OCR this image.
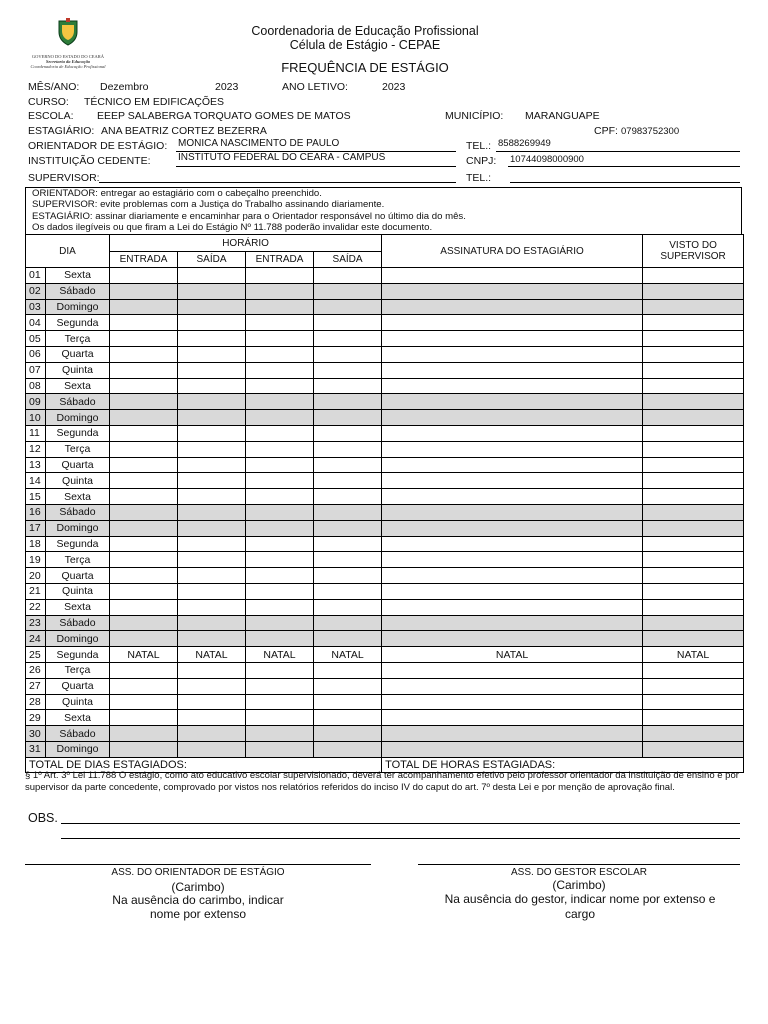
GOVERNO DO ESTADO DO CEARÁ
Secretaria da Educação
Coordenadoria de Educação Profissional
Coordenadoria de Educação Profissional
Célula de Estágio - CEPAE
FREQUÊNCIA DE ESTÁGIO
MÊS/ANO: Dezembro	2023	ANO LETIVO:	2023
CURSO: TÉCNICO EM EDIFICAÇÕES
ESCOLA: EEEP SALABERGA TORQUATO GOMES DE MATOS	MUNICÍPIO: MARANGUAPE
ESTAGIÁRIO: ANA BEATRIZ CORTEZ BEZERRA	CPF: 07983752300
ORIENTADOR DE ESTÁGIO: MONICA NASCIMENTO DE PAULO	TEL.: 8588269949
INSTITUIÇÃO CEDENTE:	INSTITUTO FEDERAL DO CEARA - CAMPUS	CNPJ: 10744098000900
SUPERVISOR:	TEL.:
ORIENTADOR: entregar ao estagiário com o cabeçalho preenchido.
SUPERVISOR: evite problemas com a Justiça do Trabalho assinando diariamente.
ESTAGIÁRIO: assinar diariamente e encaminhar para o Orientador responsável no último dia do mês.
Os dados ilegíveis ou que firam a Lei do Estágio Nº 11.788 poderão invalidar este documento.
DIA		HORÁRIO				ASSINATURA DO ESTAGIÁRIO	VISTO DO SUPERVISOR
		ENTRADA	SAÍDA	ENTRADA	SAÍDA		
01	Sexta						
02	Sábado						
03	Domingo						
04	Segunda						
05	Terça						
06	Quarta						
07	Quinta						
08	Sexta						
09	Sábado						
10	Domingo						
11	Segunda						
12	Terça						
13	Quarta						
14	Quinta						
15	Sexta						
16	Sábado						
17	Domingo						
18	Segunda						
19	Terça						
20	Quarta						
21	Quinta						
22	Sexta						
23	Sábado						
24	Domingo						
25	Segunda	NATAL	NATAL	NATAL	NATAL	NATAL	NATAL
26	Terça						
27	Quarta						
28	Quinta						
29	Sexta						
30	Sábado						
31	Domingo						
TOTAL DE DIAS ESTAGIADOS:						TOTAL DE HORAS ESTAGIADAS:	
§ 1º Art. 3º Lei 11.788 O estágio, como ato educativo escolar supervisionado, deverá ter acompanhamento efetivo pelo professor orientador da instituição de ensino e por supervisor da parte concedente, comprovado por vistos nos relatórios referidos do inciso IV do caput do art. 7º desta Lei e por menção de aprovação final.
OBS.
ASS. DO ORIENTADOR DE ESTÁGIO
(Carimbo)
Na ausência do carimbo, indicar nome por extenso
ASS. DO GESTOR ESCOLAR
(Carimbo)
Na ausência do gestor, indicar nome por extenso e cargo
